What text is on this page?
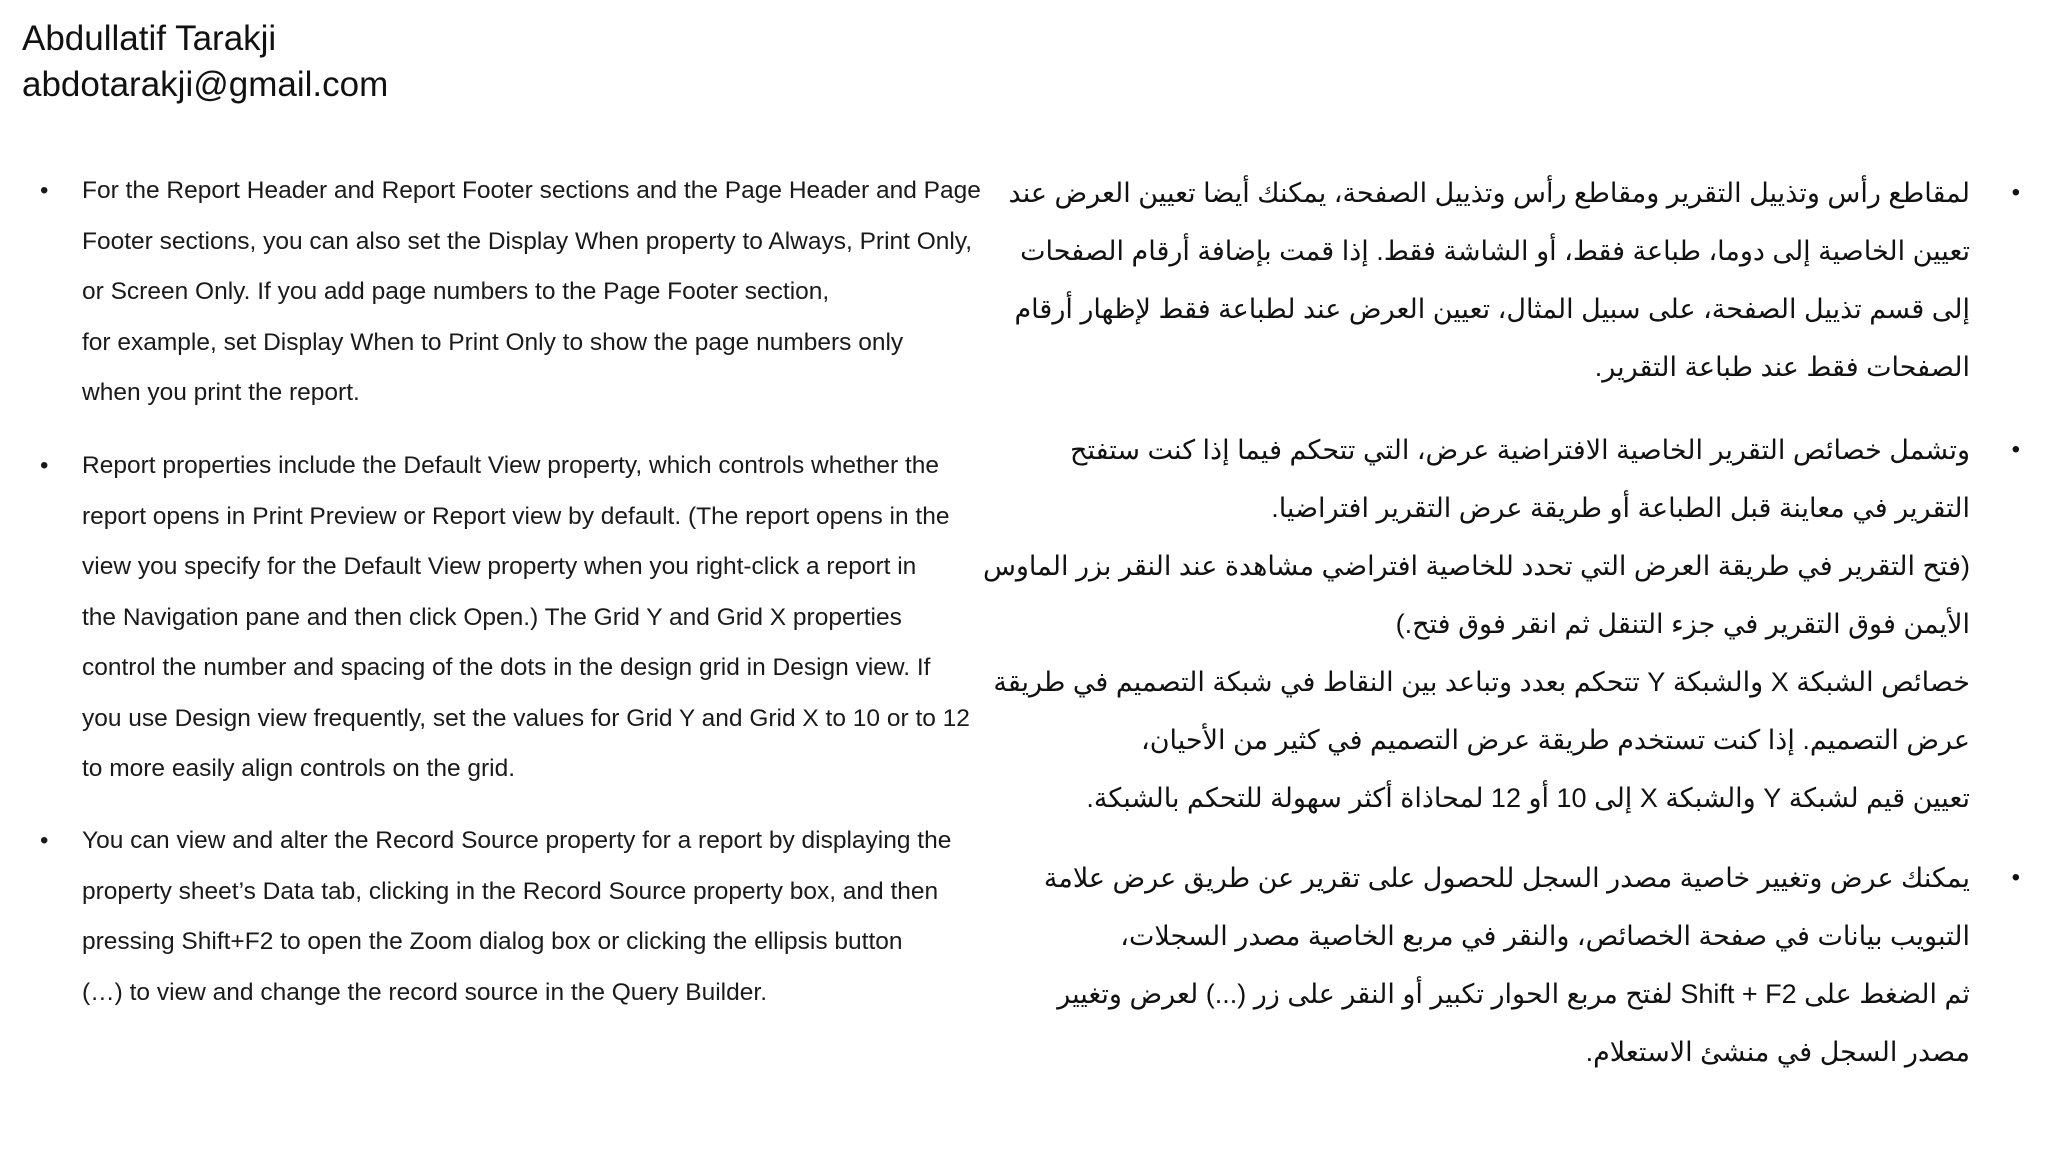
Abdullatif Tarakji
abdotarakji@gmail.com
• For the Report Header and Report Footer sections and the Page Header and Page
Footer sections, you can also set the Display When property to Always, Print Only,
or Screen Only. If you add page numbers to the Page Footer section,
for example, set Display When to Print Only to show the page numbers only
when you print the report.
• Report properties include the Default View property, which controls whether the
report opens in Print Preview or Report view by default. (The report opens in the
view you specify for the Default View property when you right-click a report in
the Navigation pane and then click Open.) The Grid Y and Grid X properties
control the number and spacing of the dots in the design grid in Design view. If
you use Design view frequently, set the values for Grid Y and Grid X to 10 or to 12
to more easily align controls on the grid.
• You can view and alter the Record Source property for a report by displaying the
property sheet’s Data tab, clicking in the Record Source property box, and then
pressing Shift+F2 to open the Zoom dialog box or clicking the ellipsis button
(…) to view and change the record source in the Query Builder.
•
لمقاطع رأس وتذييل التقرير ومقاطع رأس وتذييل الصفحة، يمكنك أيضا تعيين العرض عند
تعيين الخاصية إلى دوما، طباعة فقط، أو الشاشة فقط. إذا قمت بإضافة أرقام الصفحات
إلى قسم تذييل الصفحة، على سبيل المثال، تعيين العرض عند لطباعة فقط لإظهار أرقام
الصفحات فقط عند طباعة التقرير.
•
وتشمل خصائص التقرير الخاصية الافتراضية عرض، التي تتحكم فيما إذا كنت ستفتح
التقرير في معاينة قبل الطباعة أو طريقة عرض التقرير افتراضيا.
(فتح التقرير في طريقة العرض التي تحدد للخاصية افتراضي مشاهدة عند النقر بزر الماوس
الأيمن فوق التقرير في جزء التنقل ثم انقر فوق فتح.)
خصائص الشبكة X والشبكة Y تتحكم بعدد وتباعد بين النقاط في شبكة التصميم في طريقة
عرض التصميم. إذا كنت تستخدم طريقة عرض التصميم في كثير من الأحيان،
تعيين قيم لشبكة Y والشبكة X إلى 10 أو 12 لمحاذاة أكثر سهولة للتحكم بالشبكة.
•
يمكنك عرض وتغيير خاصية مصدر السجل للحصول على تقرير عن طريق عرض علامة
التبويب بيانات في صفحة الخصائص، والنقر في مربع الخاصية مصدر السجلات،
ثم الضغط على Shift + F2 لفتح مربع الحوار تكبير أو النقر على زر (...) لعرض وتغيير
مصدر السجل في منشئ الاستعلام.
